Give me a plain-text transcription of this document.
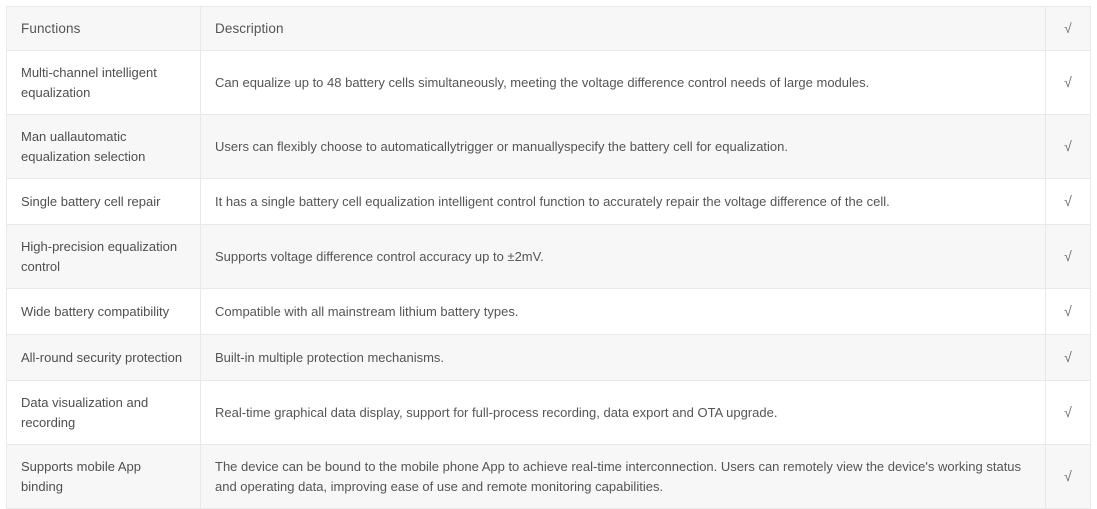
Functions	Description	√
Multi-channel intelligent equalization	Can equalize up to 48 battery cells simultaneously, meeting the voltage difference control needs of large modules.	√
Man uallautomatic equalization selection	Users can flexibly choose to automaticallytrigger or manuallyspecify the battery cell for equalization.	√
Single battery cell repair	It has a single battery cell equalization intelligent control function to accurately repair the voltage difference of the cell.	√
High-precision equalization control	Supports voltage difference control accuracy up to ±2mV.	√
Wide battery compatibility	Compatible with all mainstream lithium battery types.	√
All-round security protection	Built-in multiple protection mechanisms.	√
Data visualization and recording	Real-time graphical data display, support for full-process recording, data export and OTA upgrade.	√
Supports mobile App binding	The device can be bound to the mobile phone App to achieve real-time interconnection. Users can remotely view the device's working status and operating data, improving ease of use and remote monitoring capabilities.	√
